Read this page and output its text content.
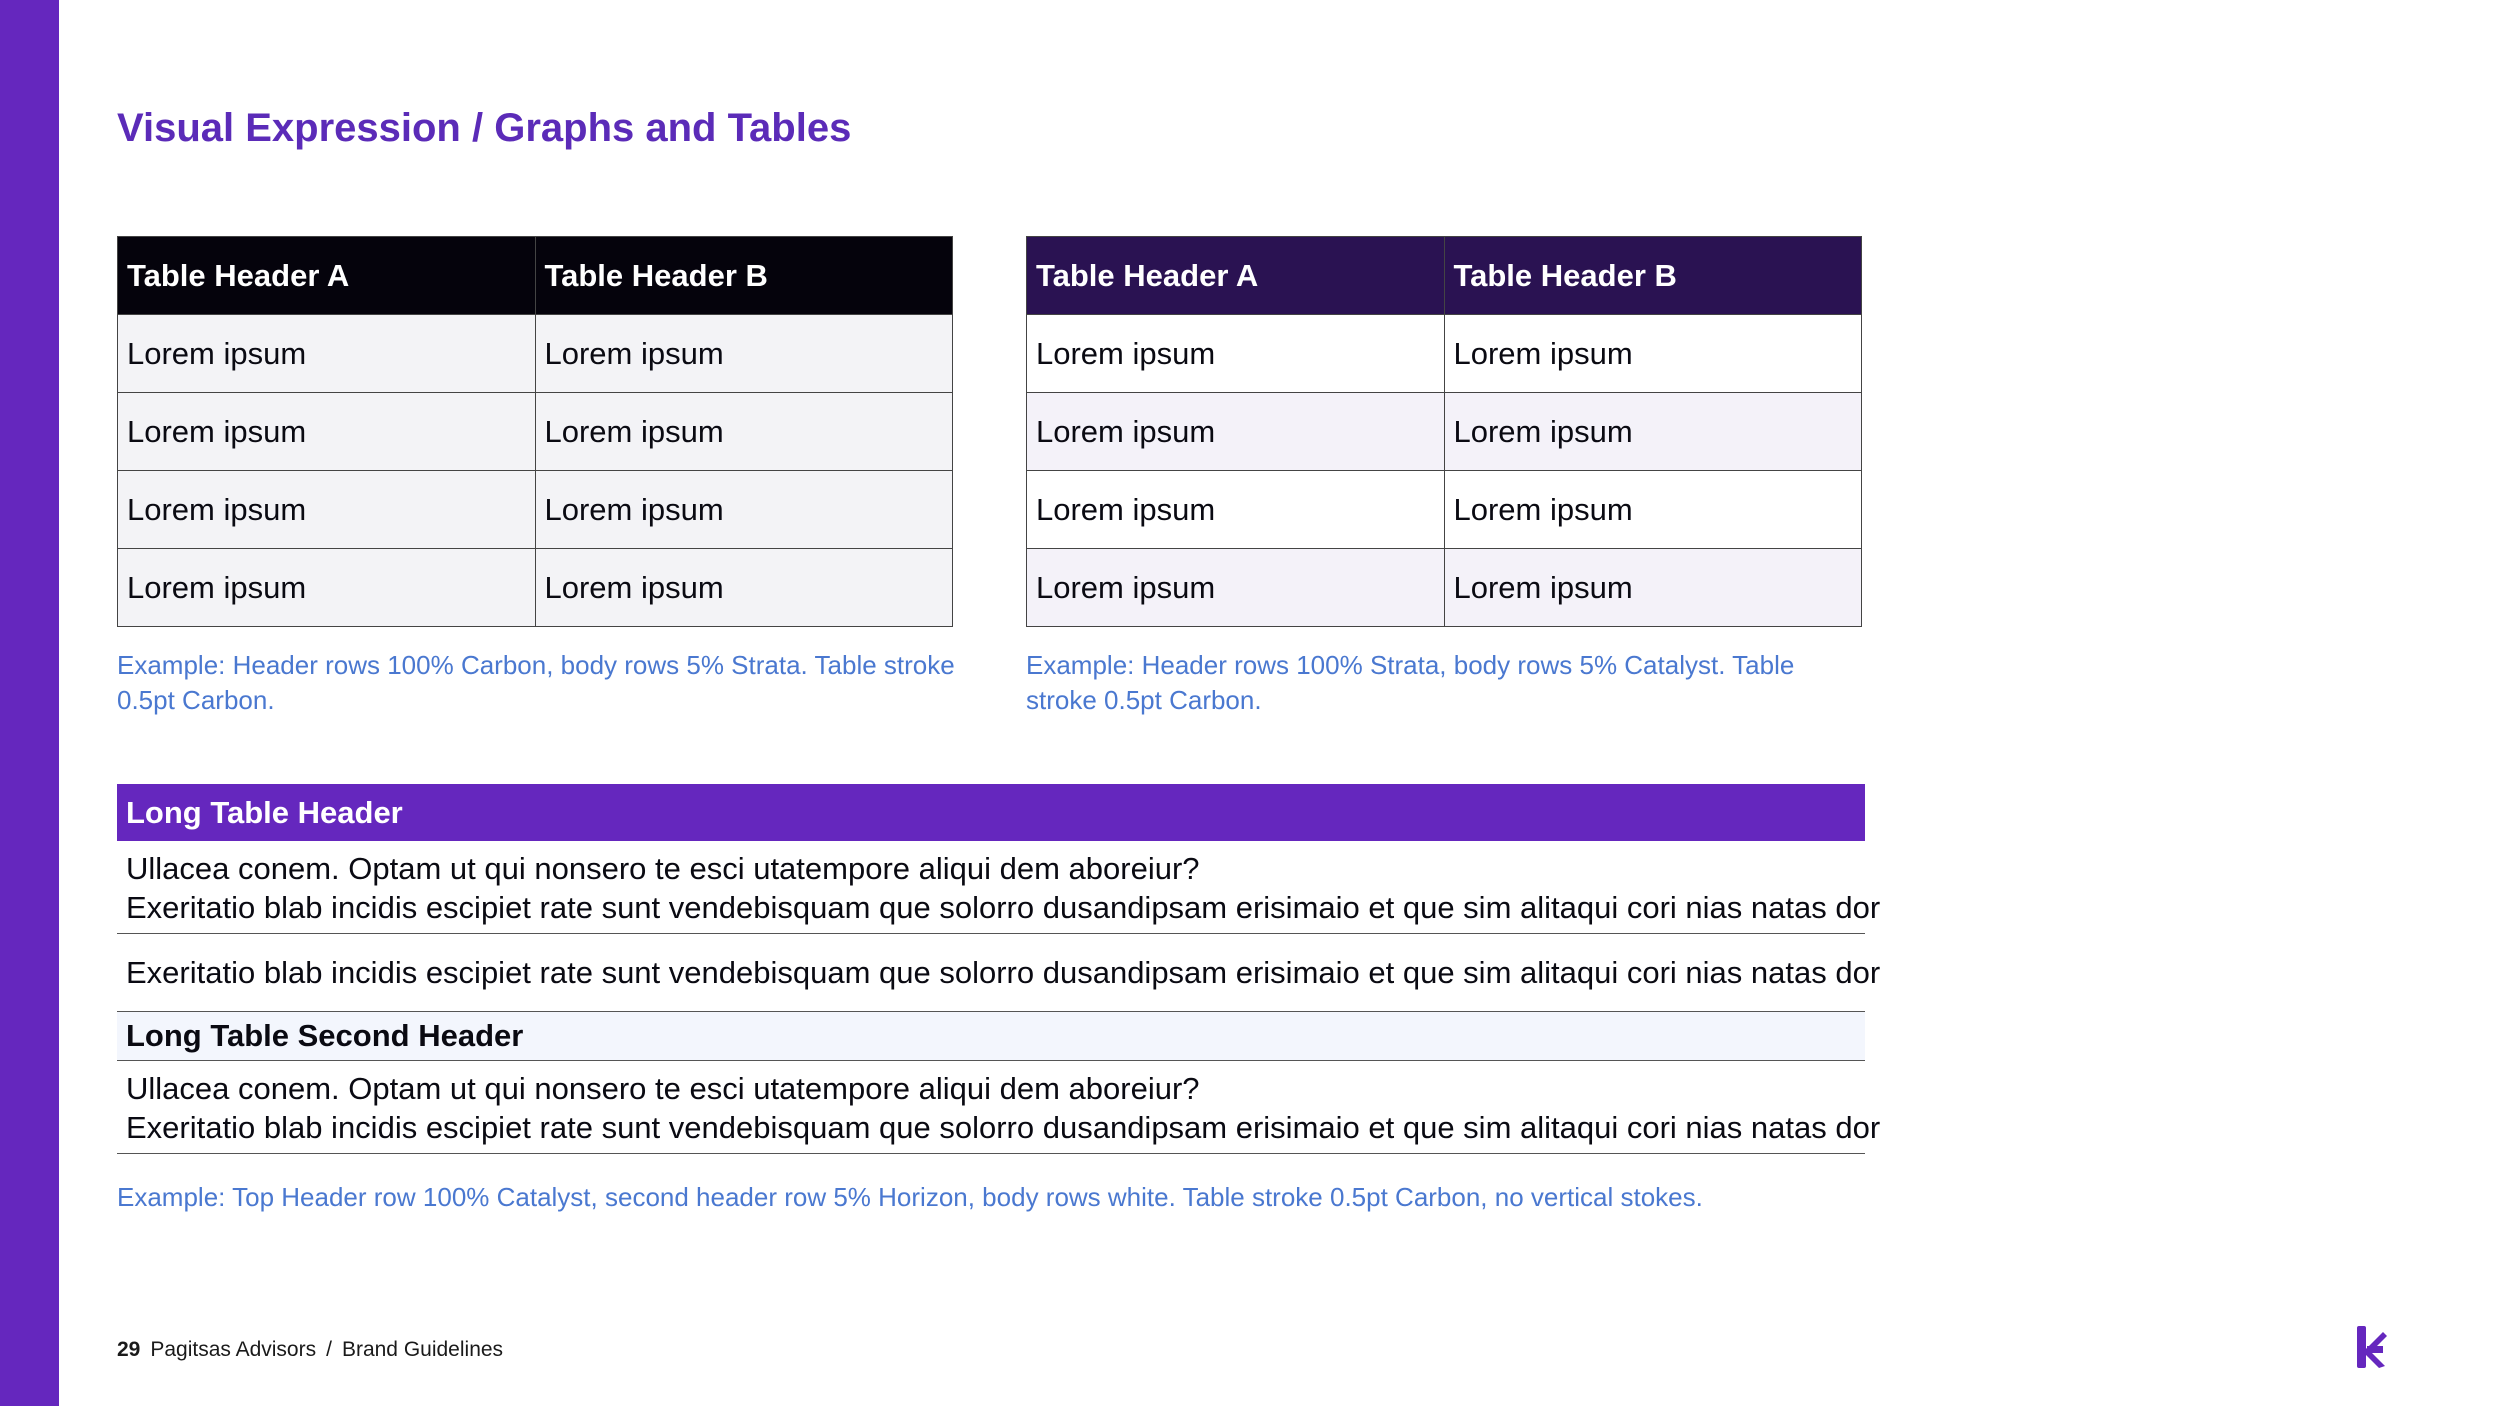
Visual Expression / Graphs and Tables
Table Header A	Table Header B
Lorem ipsum	Lorem ipsum
Lorem ipsum	Lorem ipsum
Lorem ipsum	Lorem ipsum
Lorem ipsum	Lorem ipsum

Example: Header rows 100% Carbon, body rows 5% Strata. Table stroke 0.5pt Carbon.

Table Header A	Table Header B
Lorem ipsum	Lorem ipsum
Lorem ipsum	Lorem ipsum
Lorem ipsum	Lorem ipsum
Lorem ipsum	Lorem ipsum

Example: Header rows 100% Strata, body rows 5% Catalyst. Table stroke 0.5pt Carbon.

Long Table Header

Ullacea conem. Optam ut qui nonsero te esci utatempore aliqui dem aboreiur?

Exeritatio blab incidis escipiet rate sunt vendebisquam que solorro dusandipsam erisimaio et que sim alitaqui cori nias natas dor

Exeritatio blab incidis escipiet rate sunt vendebisquam que solorro dusandipsam erisimaio et que sim alitaqui cori nias natas dor

Long Table Second Header

Ullacea conem. Optam ut qui nonsero te esci utatempore aliqui dem aboreiur?

Exeritatio blab incidis escipiet rate sunt vendebisquam que solorro dusandipsam erisimaio et que sim alitaqui cori nias natas dor

Example: Top Header row 100% Catalyst, second header row 5% Horizon, body rows white. Table stroke 0.5pt Carbon, no vertical stokes.

29 Pagitsas Advisors / Brand Guidelines
